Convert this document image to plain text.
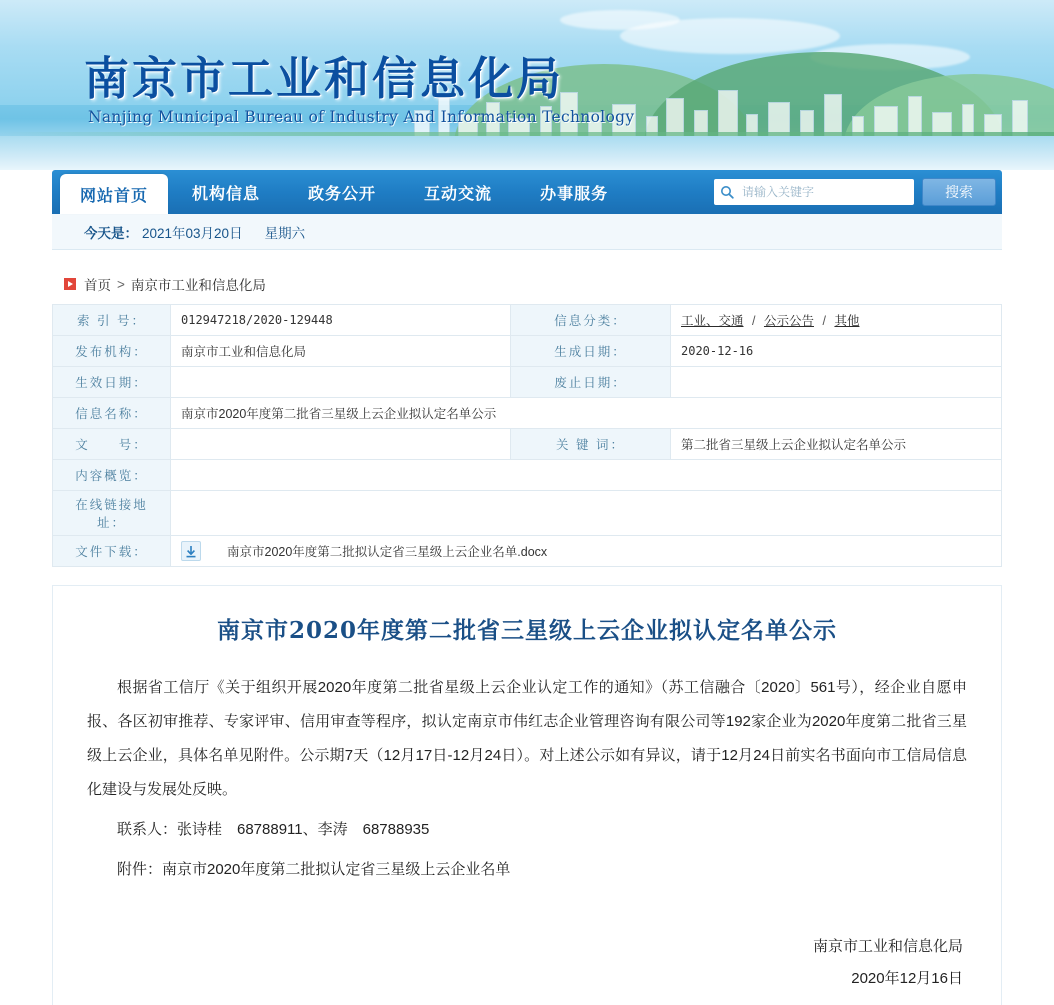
南京市工业和信息化局
Nanjing Municipal Bureau of Industry And Information Technology
网站首页	机构信息	政务公开	互动交流	办事服务
请输入关键字	搜索
今天是： 2021年03月20日 星期六
首页 > 南京市工业和信息化局
索 引 号：	012947218/2020-129448	信息分类：	工业、交通 / 公示公告 / 其他
发布机构：	南京市工业和信息化局	生成日期：	2020-12-16
生效日期：		废止日期：	
信息名称：	南京市2020年度第二批省三星级上云企业拟认定名单公示		
文　　号：		关 键 词：	第二批省三星级上云企业拟认定名单公示
内容概览：			
在线链接地址：			
文件下载：	南京市2020年度第二批拟认定省三星级上云企业名单.docx		
南京市2020年度第二批省三星级上云企业拟认定名单公示

根据省工信厅《关于组织开展2020年度第二批省星级上云企业认定工作的通知》（苏工信融合〔2020〕561号），经企业自愿申报、各区初审推荐、专家评审、信用审查等程序，拟认定南京市伟红志企业管理咨询有限公司等192家企业为2020年度第二批省三星级上云企业，具体名单见附件。公示期7天（12月17日-12月24日）。对上述公示如有异议，请于12月24日前实名书面向市工信局信息化建设与发展处反映。

联系人：张诗桂　68788911、李涛　68788935

附件：南京市2020年度第二批拟认定省三星级上云企业名单

南京市工业和信息化局
2020年12月16日
